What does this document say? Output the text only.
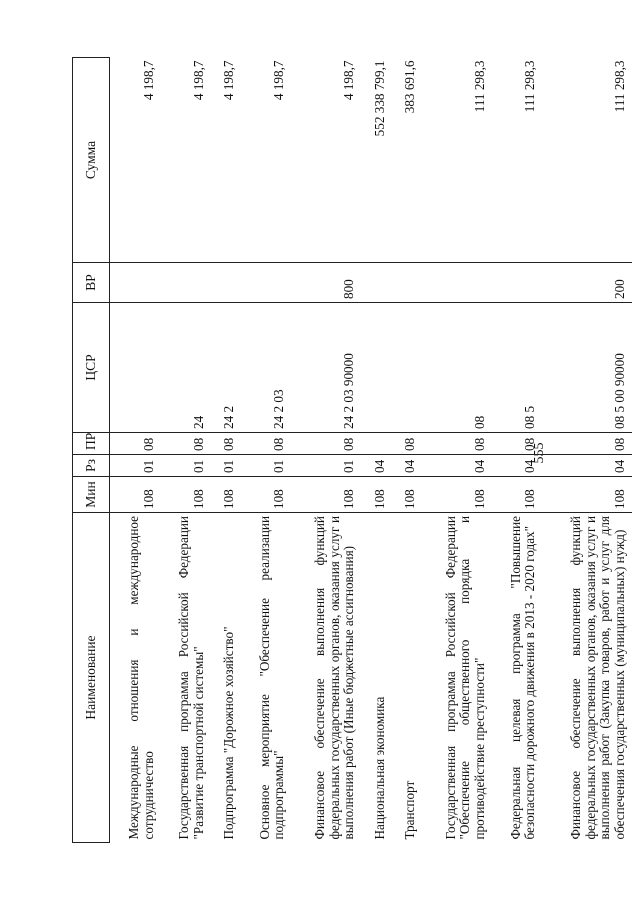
555
Наименование	Мин	Рз	ПР	ЦСР	ВР	Сумма
Международные отношения и международное сотрудничество	108	01	08			4 198,7
Государственная программа Российской Федерации "Развитие транспортной системы"	108	01	08	24		4 198,7
Подпрограмма "Дорожное хозяйство"	108	01	08	24 2		4 198,7
Основное мероприятие "Обеспечение реализации подпрограммы"	108	01	08	24 2 03		4 198,7
Финансовое обеспечение выполнения функций федеральных государственных органов, оказания услуг и выполнения работ (Иные бюджетные ассигнования)	108	01	08	24 2 03 90000	800	4 198,7
Национальная экономика	108	04				552 338 799,1
Транспорт	108	04	08			383 691,6
Государственная программа Российской Федерации "Обеспечение общественного порядка и противодействие преступности"	108	04	08	08		111 298,3
Федеральная целевая программа "Повышение безопасности дорожного движения в 2013 - 2020 годах"	108	04	08	08 5		111 298,3
Финансовое обеспечение выполнения функций федеральных государственных органов, оказания услуг и выполнения работ (Закупка товаров, работ и услуг для обеспечения государственных (муниципальных) нужд)	108	04	08	08 5 00 90000	200	111 298,3
